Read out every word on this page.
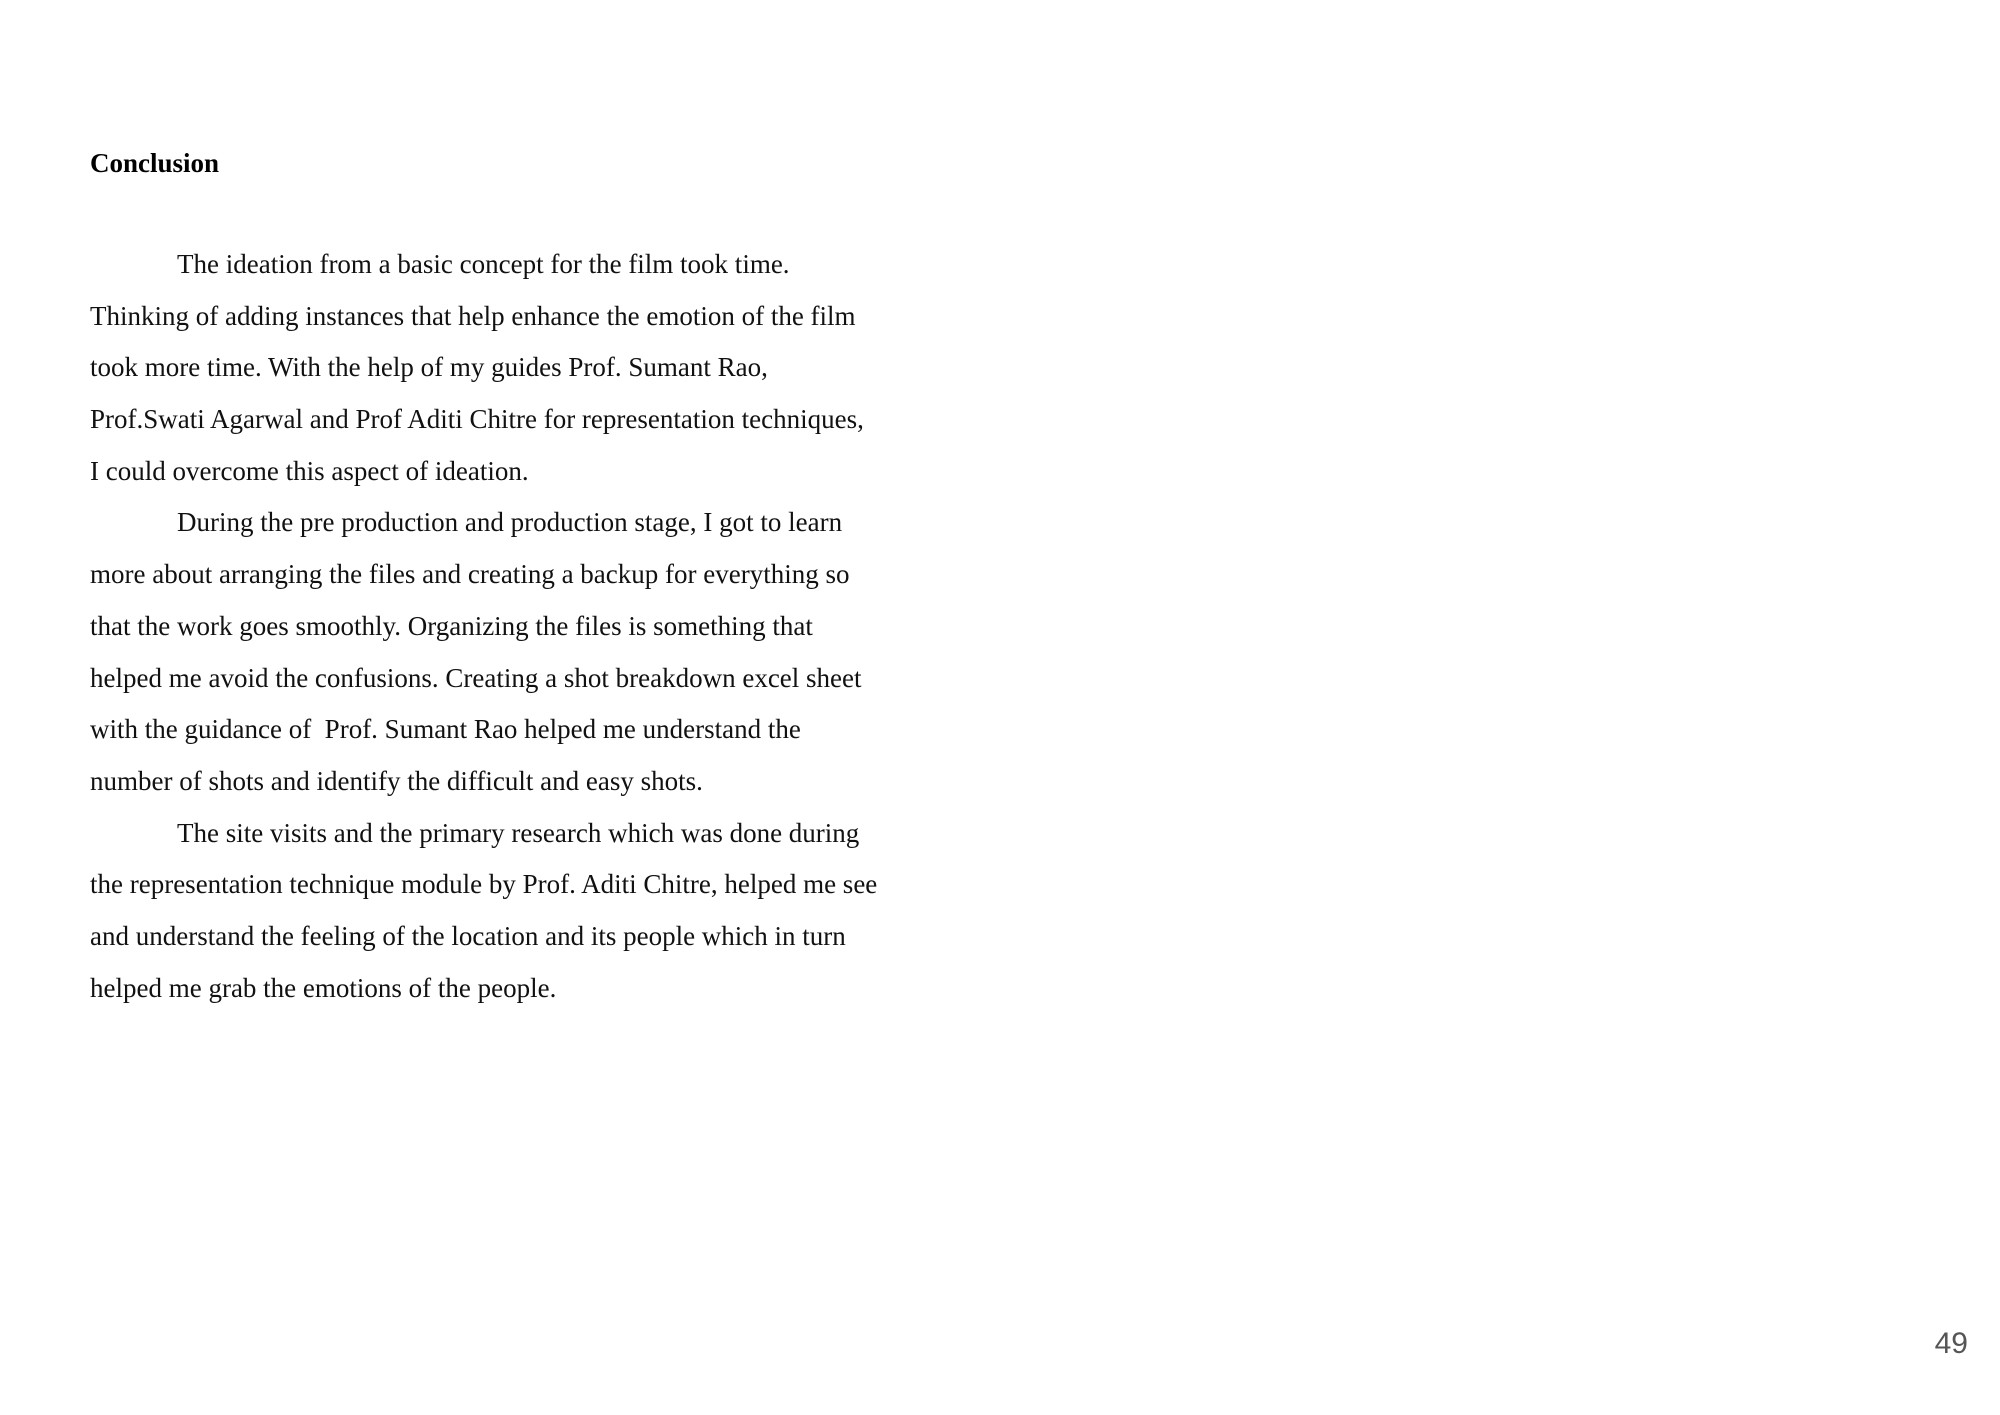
Conclusion
The ideation from a basic concept for the film took time.
Thinking of adding instances that help enhance the emotion of the film
took more time. With the help of my guides Prof. Sumant Rao,
Prof.Swati Agarwal and Prof Aditi Chitre for representation techniques,
I could overcome this aspect of ideation.
During the pre production and production stage, I got to learn
more about arranging the files and creating a backup for everything so
that the work goes smoothly. Organizing the files is something that
helped me avoid the confusions. Creating a shot breakdown excel sheet
with the guidance of  Prof. Sumant Rao helped me understand the
number of shots and identify the difficult and easy shots.
The site visits and the primary research which was done during
the representation technique module by Prof. Aditi Chitre, helped me see
and understand the feeling of the location and its people which in turn
helped me grab the emotions of the people.
49
